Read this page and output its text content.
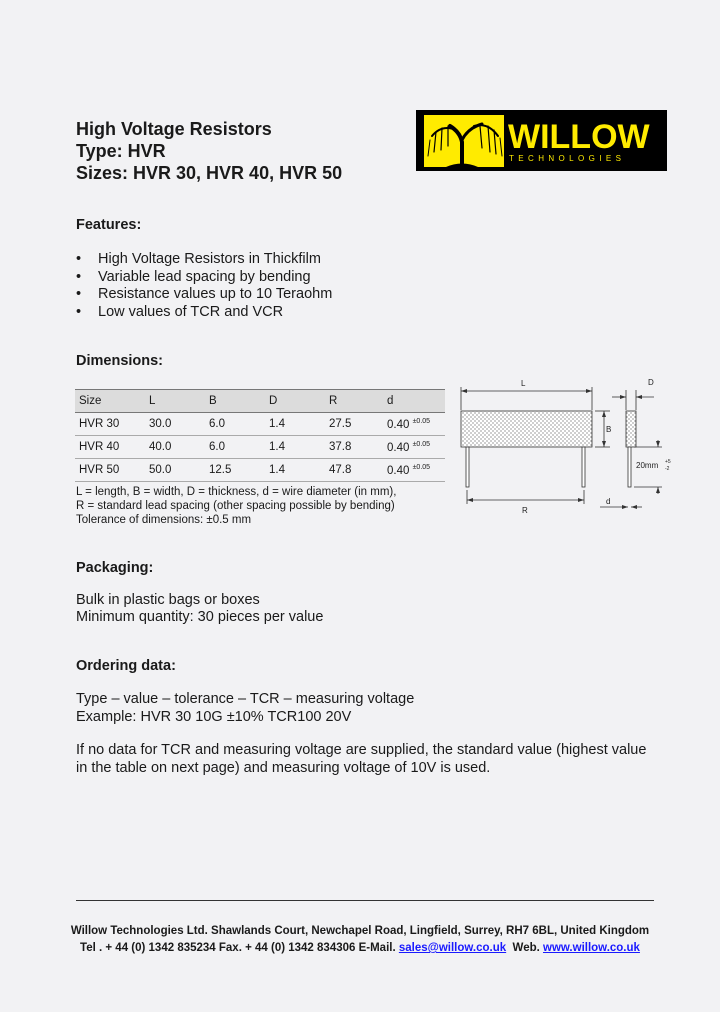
High Voltage Resistors
Type: HVR
Sizes: HVR 30, HVR 40, HVR 50
WILLOW
TECHNOLOGIES
Features:
• High Voltage Resistors in Thickfilm
• Variable lead spacing by bending
• Resistance values up to 10 Teraohm
• Low values of TCR and VCR
Dimensions:
Size	L	B	D	R	d
HVR 30	30.0	6.0	1.4	27.5	0.40 $^{\pm 0.05}$
HVR 40	40.0	6.0	1.4	37.8	0.40 $^{\pm 0.05}$
HVR 50	50.0	12.5	1.4	47.8	0.40 $^{\pm 0.05}$
L
B
R
D
d
20mm +5
-2
L = length, B = width, D = thickness, d = wire diameter (in mm),
R = standard lead spacing (other spacing possible by bending)
Tolerance of dimensions: ±0.5 mm
Packaging:
Bulk in plastic bags or boxes
Minimum quantity: 30 pieces per value
Ordering data:
Type – value – tolerance – TCR – measuring voltage
Example: HVR 30 10G ±10% TCR100 20V
If no data for TCR and measuring voltage are supplied, the standard value (highest value
in the table on next page) and measuring voltage of 10V is used.
Willow Technologies Ltd. Shawlands Court, Newchapel Road, Lingfield, Surrey, RH7 6BL, United Kingdom
Tel . + 44 (0) 1342 835234 Fax. + 44 (0) 1342 834306 E-Mail. sales@willow.co.uk Web. www.willow.co.uk
